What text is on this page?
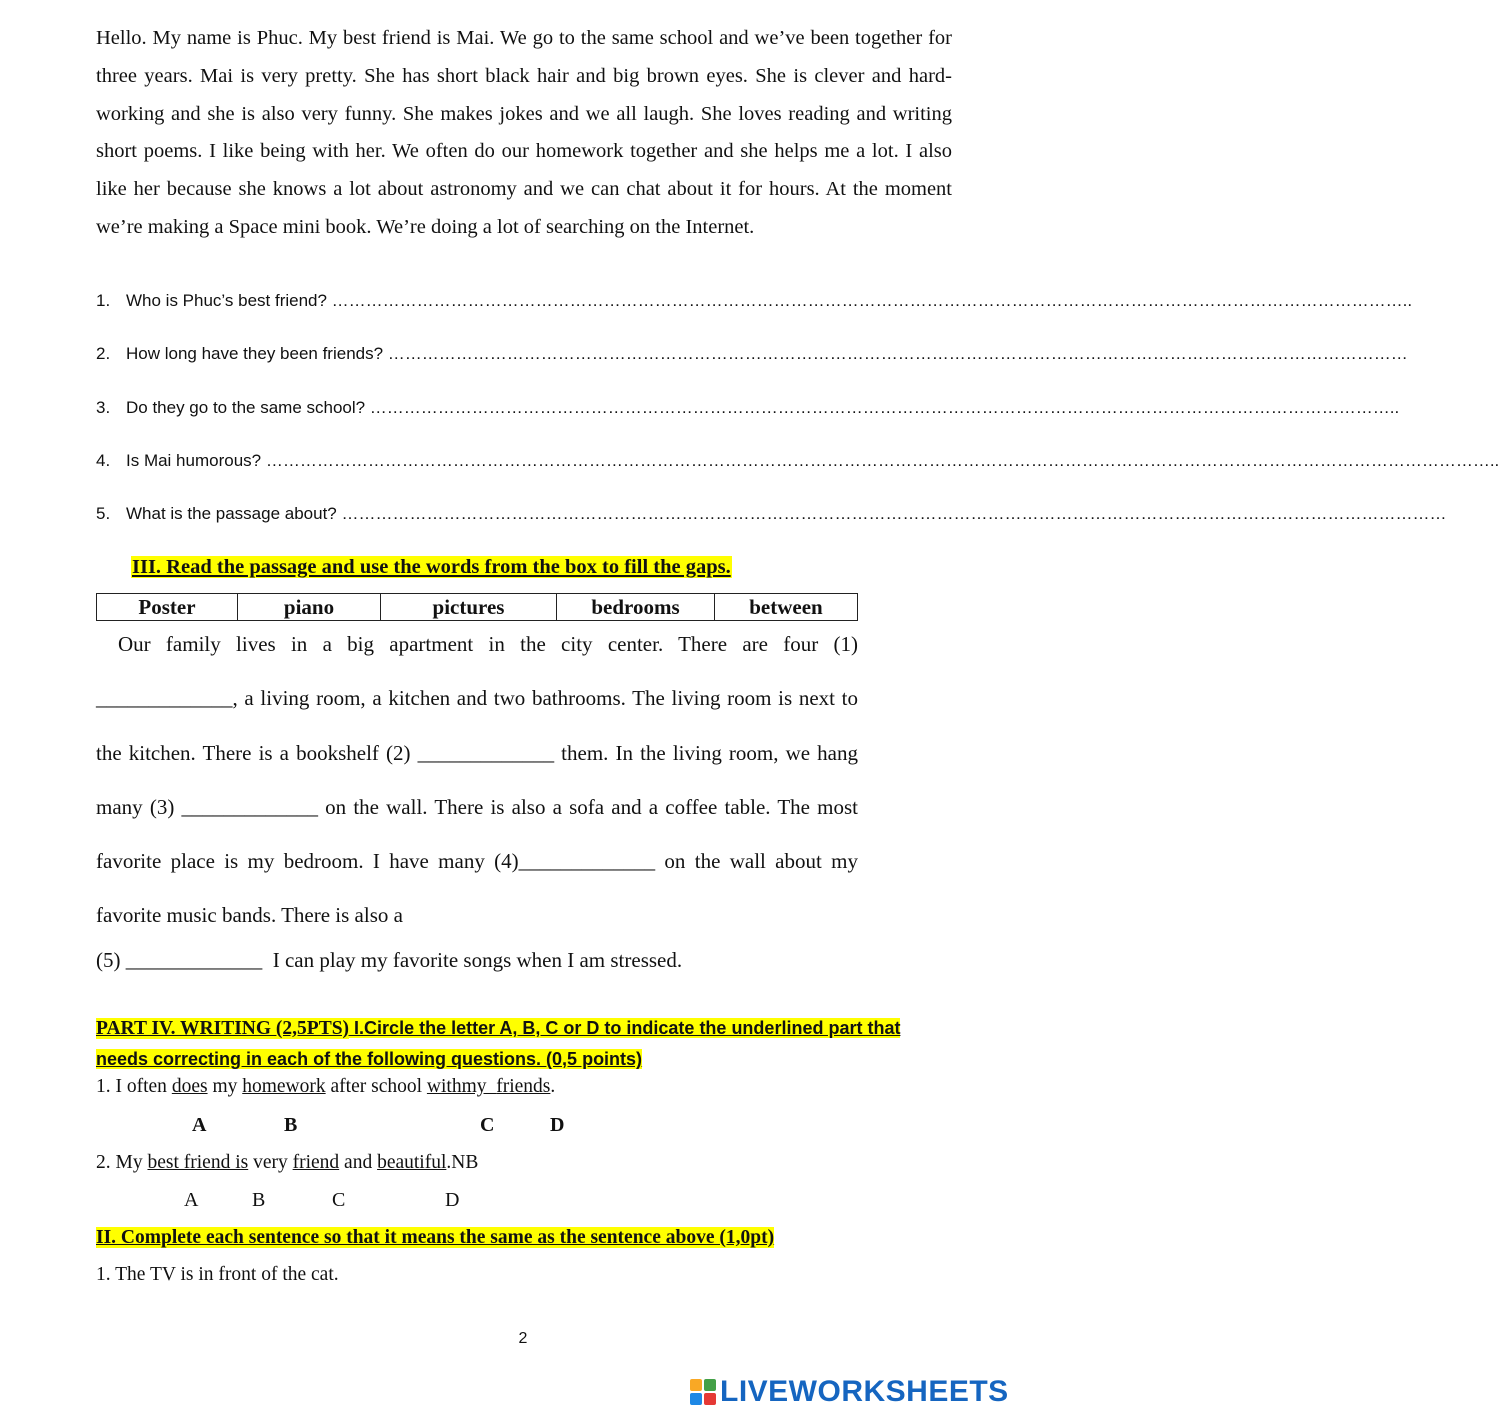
Hello. My name is Phuc. My best friend is Mai. We go to the same school and we’ve been together for three years. Mai is very pretty. She has short black hair and big brown eyes. She is clever and hard-working and she is also very funny. She makes jokes and we all laugh. She loves reading and writing short poems. I like being with her. We often do our homework together and she helps me a lot. I also like her because she knows a lot about astronomy and we can chat about it for hours. At the moment we’re making a Space mini book. We’re doing a lot of searching on the Internet.

1. Who is Phuc’s best friend? ………………………………………………………………………………………………………………………………………………………………………..
2. How long have they been friends? ………………………………………………………………………………………………………………………………………………………………
3. Do they go to the same school? ………………………………………………………………………………………………………………………………………………………………..
4. Is Mai humorous? ………………………………………………………………………………………………………………………………………………………………………………………………..
5. What is the passage about? ……………………………………………………………………………………………………………………………………………………………………………
III. Read the passage and use the words from the box to fill the gaps.
Poster	piano	pictures	bedrooms	between

Our family lives in a big apartment in the city center. There are four (1) _____________, a living room, a kitchen and two bathrooms. The living room is next to the kitchen. There is a bookshelf (2) _____________ them. In the living room, we hang many (3) _____________ on the wall. There is also a sofa and a coffee table. The most favorite place is my bedroom. I have many (4)_____________ on the wall about my favorite music bands. There is also a

(5) _____________  I can play my favorite songs when I am stressed.

PART IV. WRITING (2,5PTS) I.Circle the letter A, B, C or D to indicate the underlined part that needs correcting in each of the following questions. (0,5 points)

1. I often does my homework after school withmy friends.
A	B	C	D
2. My best friend is very friend and beautiful.NB
A	B	C	D
II. Complete each sentence so that it means the same as the sentence above (1,0pt)
1. The TV is in front of the cat.
2
LIVEWORKSHEETS
